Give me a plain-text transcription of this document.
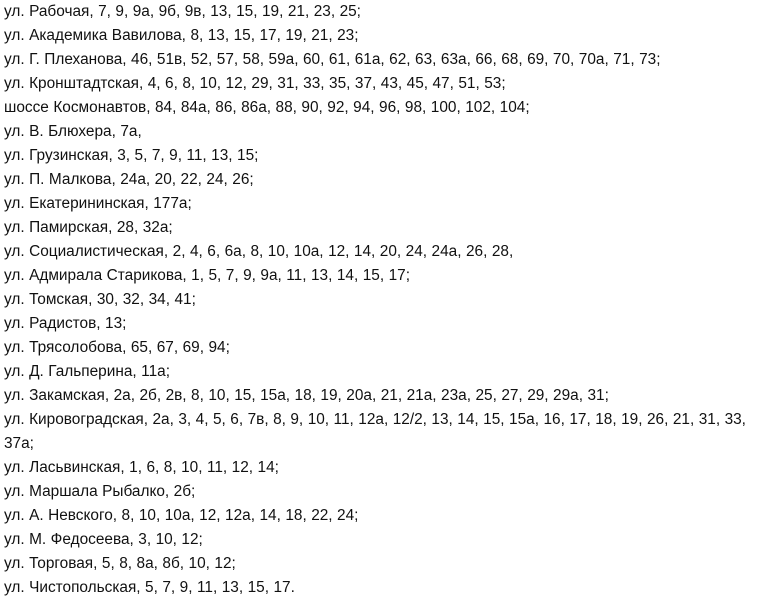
ул. Рабочая, 7, 9, 9а, 9б, 9в, 13, 15, 19, 21, 23, 25;
ул. Академика Вавилова, 8, 13, 15, 17, 19, 21, 23;
ул. Г. Плеханова, 46, 51в, 52, 57, 58, 59а, 60, 61, 61а, 62, 63, 63а, 66, 68, 69, 70, 70а, 71, 73;
ул. Кронштадтская, 4, 6, 8, 10, 12, 29, 31, 33, 35, 37, 43, 45, 47, 51, 53;
шоссе Космонавтов, 84, 84а, 86, 86а, 88, 90, 92, 94, 96, 98, 100, 102, 104;
ул. В. Блюхера, 7а,
ул. Грузинская, 3, 5, 7, 9, 11, 13, 15;
ул. П. Малкова, 24а, 20, 22, 24, 26;
ул. Екатерининская, 177а;
ул. Памирская, 28, 32а;
ул. Социалистическая, 2, 4, 6, 6а, 8, 10, 10а, 12, 14, 20, 24, 24а, 26, 28,
ул. Адмирала Старикова, 1, 5, 7, 9, 9а, 11, 13, 14, 15, 17;
ул. Томская, 30, 32, 34, 41;
ул. Радистов, 13;
ул. Трясолобова, 65, 67, 69, 94;
ул. Д. Гальперина, 11а;
ул. Закамская, 2а, 2б, 2в, 8, 10, 15, 15а, 18, 19, 20а, 21, 21а, 23а, 25, 27, 29, 29а, 31;
ул. Кировоградская, 2а, 3, 4, 5, 6, 7в, 8, 9, 10, 11, 12а, 12/2, 13, 14, 15, 15а, 16, 17, 18, 19, 26, 21, 31, 33, 37а;
ул. Ласьвинская, 1, 6, 8, 10, 11, 12, 14;
ул. Маршала Рыбалко, 2б;
ул. А. Невского, 8, 10, 10а, 12, 12а, 14, 18, 22, 24;
ул. М. Федосеева, 3, 10, 12;
ул. Торговая, 5, 8, 8а, 8б, 10, 12;
ул. Чистопольская, 5, 7, 9, 11, 13, 15, 17.
